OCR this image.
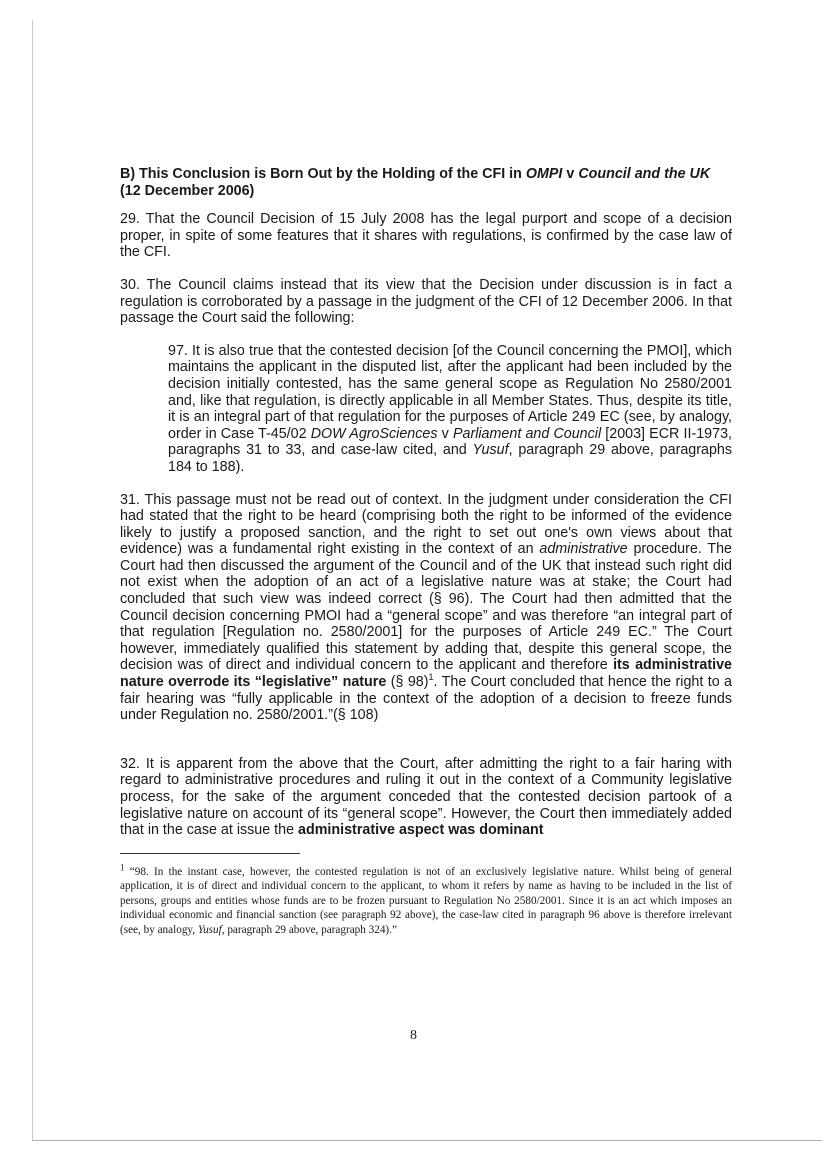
B) This Conclusion is Born Out by the Holding of the CFI in OMPI v Council and the UK (12 December 2006)

29. That the Council Decision of 15 July 2008 has the legal purport and scope of a decision proper, in spite of some features that it shares with regulations, is confirmed by the case law of the CFI.

30. The Council claims instead that its view that the Decision under discussion is in fact a regulation is corroborated by a passage in the judgment of the CFI of 12 December 2006. In that passage the Court said the following:

97. It is also true that the contested decision [of the Council concerning the PMOI], which maintains the applicant in the disputed list, after the applicant had been included by the decision initially contested, has the same general scope as Regulation No 2580/2001 and, like that regulation, is directly applicable in all Member States. Thus, despite its title, it is an integral part of that regulation for the purposes of Article 249 EC (see, by analogy, order in Case T-45/02 DOW AgroSciences v Parliament and Council [2003] ECR II-1973, paragraphs 31 to 33, and case-law cited, and Yusuf, paragraph 29 above, paragraphs 184 to 188).

31. This passage must not be read out of context. In the judgment under consideration the CFI had stated that the right to be heard (comprising both the right to be informed of the evidence likely to justify a proposed sanction, and the right to set out one's own views about that evidence) was a fundamental right existing in the context of an administrative procedure. The Court had then discussed the argument of the Council and of the UK that instead such right did not exist when the adoption of an act of a legislative nature was at stake; the Court had concluded that such view was indeed correct (§ 96). The Court had then admitted that the Council decision concerning PMOI had a “general scope” and was therefore “an integral part of that regulation [Regulation no. 2580/2001] for the purposes of Article 249 EC.” The Court however, immediately qualified this statement by adding that, despite this general scope, the decision was of direct and individual concern to the applicant and therefore its administrative nature overrode its “legislative” nature (§ 98)$^1$. The Court concluded that hence the right to a fair hearing was “fully applicable in the context of the adoption of a decision to freeze funds under Regulation no. 2580/2001.”(§ 108)

32. It is apparent from the above that the Court, after admitting the right to a fair haring with regard to administrative procedures and ruling it out in the context of a Community legislative process, for the sake of the argument conceded that the contested decision partook of a legislative nature on account of its “general scope”. However, the Court then immediately added that in the case at issue the administrative aspect was dominant

$^1$ “98. In the instant case, however, the contested regulation is not of an exclusively legislative nature. Whilst being of general application, it is of direct and individual concern to the applicant, to whom it refers by name as having to be included in the list of persons, groups and entities whose funds are to be frozen pursuant to Regulation No 2580/2001. Since it is an act which imposes an individual economic and financial sanction (see paragraph 92 above), the case-law cited in paragraph 96 above is therefore irrelevant (see, by analogy, Yusuf, paragraph 29 above, paragraph 324).”

8
